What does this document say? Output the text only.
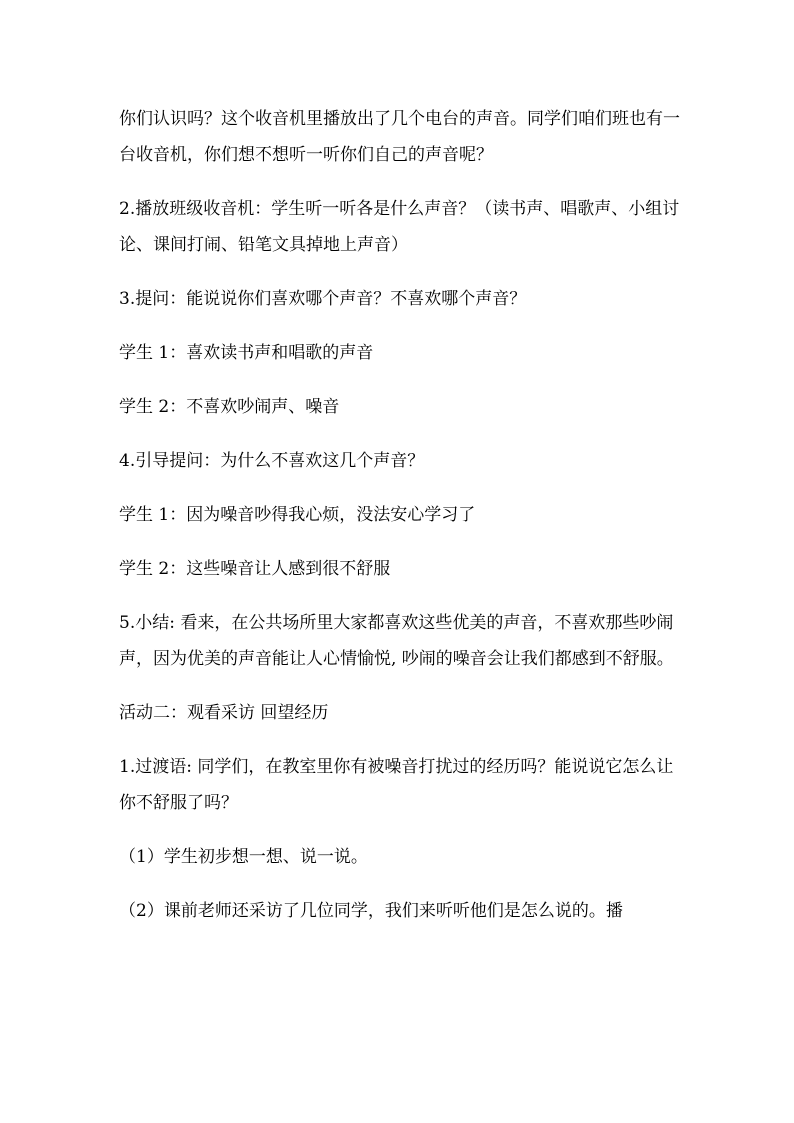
你们认识吗？这个收音机里播放出了几个电台的声音。同学们咱们班也有一台收音机，你们想不想听一听你们自己的声音呢？

2.播放班级收音机：学生听一听各是什么声音？（读书声、唱歌声、小组讨论、课间打闹、铅笔文具掉地上声音）

3.提问：能说说你们喜欢哪个声音？不喜欢哪个声音？

学生 1：喜欢读书声和唱歌的声音

学生 2：不喜欢吵闹声、噪音

4.引导提问：为什么不喜欢这几个声音？

学生 1：因为噪音吵得我心烦，没法安心学习了

学生 2：这些噪音让人感到很不舒服

5.小结: 看来，在公共场所里大家都喜欢这些优美的声音，不喜欢那些吵闹声，因为优美的声音能让人心情愉悦, 吵闹的噪音会让我们都感到不舒服。

活动二：观看采访 回望经历

1.过渡语: 同学们，在教室里你有被噪音打扰过的经历吗？能说说它怎么让你不舒服了吗？

（1）学生初步想一想、说一说。

（2）课前老师还采访了几位同学，我们来听听他们是怎么说的。播
